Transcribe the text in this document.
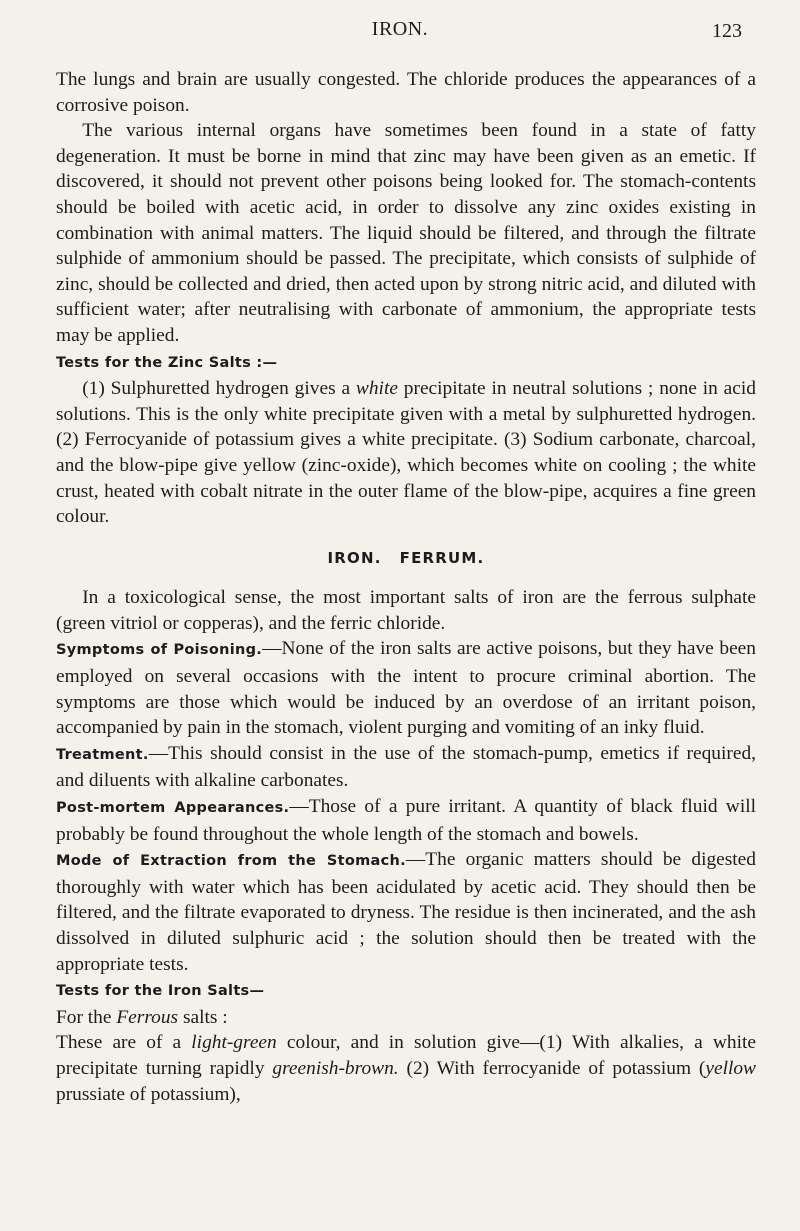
IRON.	123

The lungs and brain are usually congested. The chloride produces the appearances of a corrosive poison.

The various internal organs have sometimes been found in a state of fatty degeneration. It must be borne in mind that zinc may have been given as an emetic. If discovered, it should not prevent other poisons being looked for. The stomach-contents should be boiled with acetic acid, in order to dissolve any zinc oxides existing in combination with animal matters. The liquid should be filtered, and through the filtrate sulphide of ammonium should be passed. The precipitate, which consists of sulphide of zinc, should be collected and dried, then acted upon by strong nitric acid, and diluted with sufficient water; after neutralising with carbonate of ammonium, the appropriate tests may be applied.

Tests for the Zinc Salts :—

(1) Sulphuretted hydrogen gives a white precipitate in neutral solutions ; none in acid solutions. This is the only white precipitate given with a metal by sulphuretted hydrogen. (2) Ferrocyanide of potassium gives a white precipitate. (3) Sodium carbonate, charcoal, and the blow-pipe give yellow (zinc-oxide), which becomes white on cooling ; the white crust, heated with cobalt nitrate in the outer flame of the blow-pipe, acquires a fine green colour.

IRON. FERRUM.

In a toxicological sense, the most important salts of iron are the ferrous sulphate (green vitriol or copperas), and the ferric chloride.

Symptoms of Poisoning.—None of the iron salts are active poisons, but they have been employed on several occasions with the intent to procure criminal abortion. The symptoms are those which would be induced by an overdose of an irritant poison, accompanied by pain in the stomach, violent purging and vomiting of an inky fluid.

Treatment.—This should consist in the use of the stomach-pump, emetics if required, and diluents with alkaline carbonates.

Post-mortem Appearances.—Those of a pure irritant. A quantity of black fluid will probably be found throughout the whole length of the stomach and bowels.

Mode of Extraction from the Stomach.—The organic matters should be digested thoroughly with water which has been acidulated by acetic acid. They should then be filtered, and the filtrate evaporated to dryness. The residue is then incinerated, and the ash dissolved in diluted sulphuric acid ; the solution should then be treated with the appropriate tests.

Tests for the Iron Salts—

For the Ferrous salts :

These are of a light-green colour, and in solution give—(1) With alkalies, a white precipitate turning rapidly greenish-brown. (2) With ferrocyanide of potassium (yellow prussiate of potassium),
